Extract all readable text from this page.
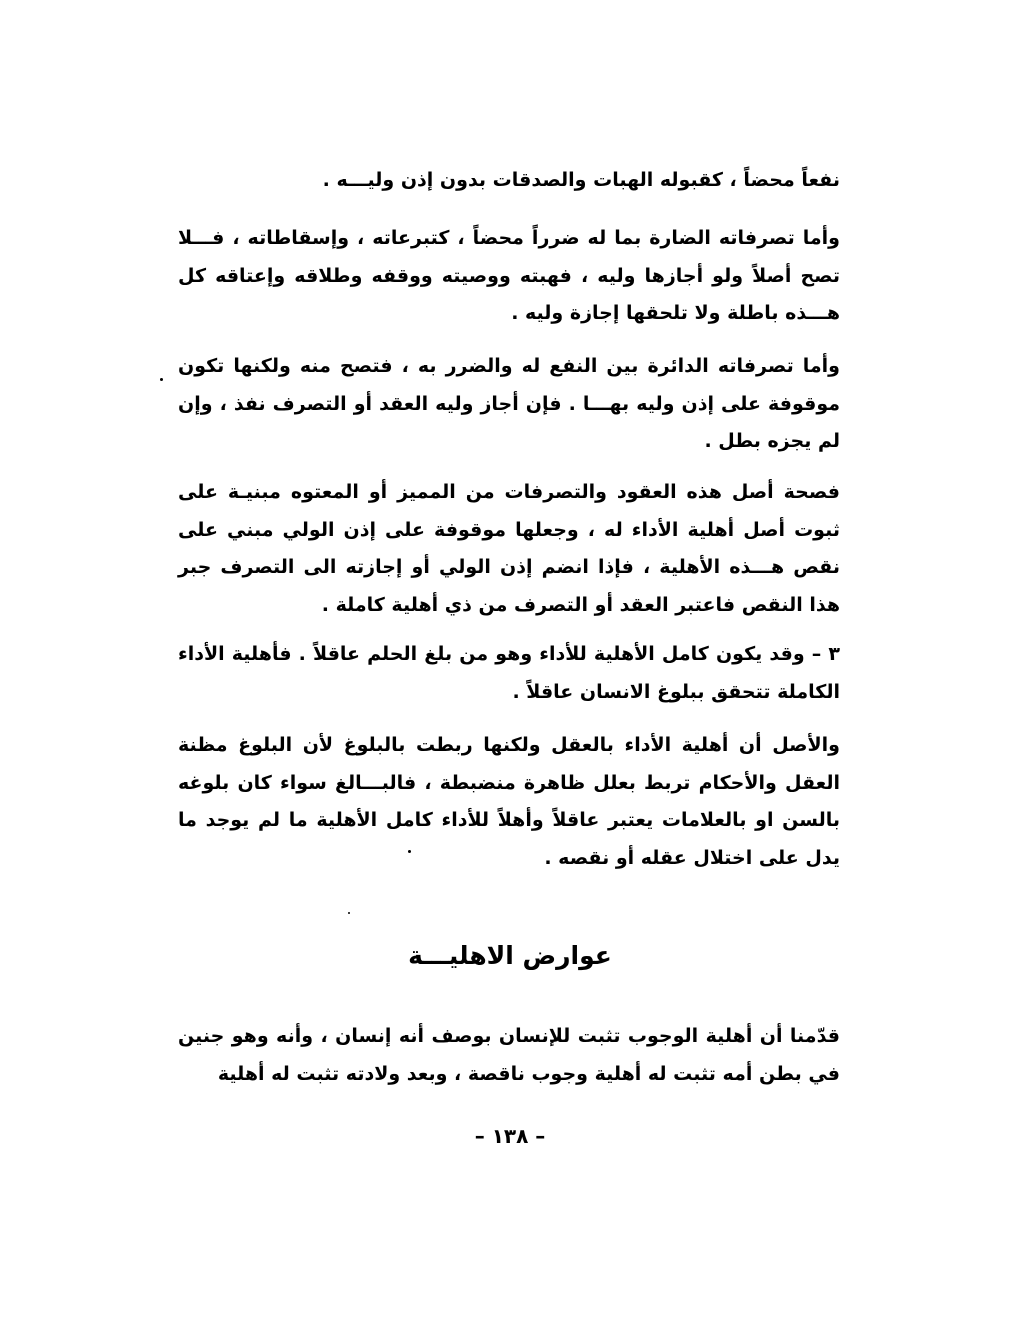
نفعاً محضاً ، كقبوله الهبات والصدقات بدون إذن وليـــه .

وأما تصرفاته الضارة بما له ضرراً محضاً ، كتبرعاته ، وإسقاطاته ، فـــلا تصح أصلاً ولو أجازها وليه ، فهبته ووصيته ووقفه وطلاقه وإعتاقه كل هـــذه باطلة ولا تلحقها إجازة وليه .

وأما تصرفاته الدائرة بين النفع له والضرر به ، فتصح منه ولكنها تكون موقوفة على إذن وليه بهـــا . فإن أجاز وليه العقد أو التصرف نفذ ، وإن لم يجزه بطل .

فصحة أصل هذه العقود والتصرفات من المميز أو المعتوه مبنيـة على ثبوت أصل أهلية الأداء له ، وجعلها موقوفة على إذن الولي مبني على نقص هـــذه الأهلية ، فإذا انضم إذن الولي أو إجازته الى التصرف جبر هذا النقص فاعتبر العقد أو التصرف من ذي أهلية كاملة .

٣ – وقد يكون كامل الأهلية للأداء وهو من بلغ الحلم عاقلاً . فأهلية الأداء الكاملة تتحقق ببلوغ الانسان عاقلاً .

والأصل أن أهلية الأداء بالعقل ولكنها ربطت بالبلوغ لأن البلوغ مظنة العقل والأحكام تربط بعلل ظاهرة منضبطة ، فالبـــالغ سواء كان بلوغه بالسن او بالعلامات يعتبر عاقلاً وأهلاً للأداء كامل الأهلية ما لم يوجد ما يدل على اختلال عقله أو نقصه .

عوارض الاهليـــة

قدّمنا أن أهلية الوجوب تثبت للإنسان بوصف أنه إنسان ، وأنه وهو جنين في بطن أمه تثبت له أهلية وجوب ناقصة ، وبعد ولادته تثبت له أهلية

– ١٣٨ –
